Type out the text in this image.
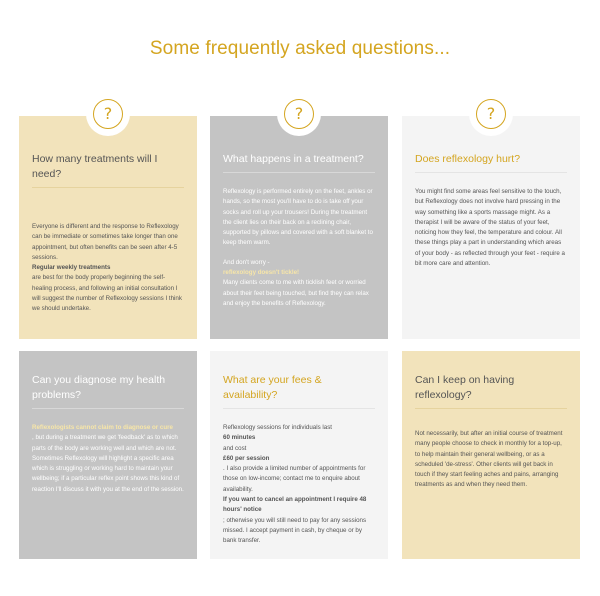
Some frequently asked questions...
How many treatments will I need?

Everyone is different and the response to Reflexology can be immediate or sometimes take longer than one appointment, but often benefits can be seen after 4-5 sessions.

Regular weekly treatments

are best for the body properly beginning the self-healing process, and following an initial consultation I will suggest the number of Reflexology sessions I think we should undertake.

What happens in a treatment?

Reflexology is performed entirely on the feet, ankles or hands, so the most you'll have to do is take off your socks and roll up your trousers! During the treatment the client lies on their back on a reclining chair, supported by pillows and covered with a soft blanket to keep them warm.

And don't worry -

reflexology doesn't tickle!

Many clients come to me with ticklish feet or worried about their feet being touched, but find they can relax and enjoy the benefits of Reflexology.

Does reflexology hurt?

You might find some areas feel sensitive to the touch, but Reflexology does not involve hard pressing in the way something like a sports massage might. As a therapist I will be aware of the status of your feet, noticing how they feel, the temperature and colour. All these things play a part in understanding which areas of your body - as reflected through your feet - require a bit more care and attention.

?	?	?
Can you diagnose my health problems?

Reflexologists cannot claim to diagnose or cure

, but during a treatment we get 'feedback' as to which parts of the body are working well and which are not. Sometimes Reflexology will highlight a specific area which is struggling or working hard to maintain your wellbeing; if a particular reflex point shows this kind of reaction I'll discuss it with you at the end of the session.

What are your fees & availability?

Reflexology sessions for individuals last

60 minutes

and cost

£60 per session

. I also provide a limited number of appointments for those on low-income; contact me to enquire about availability.

If you want to cancel an appointment I require 48 hours' notice

; otherwise you will still need to pay for any sessions missed. I accept payment in cash, by cheque or by bank transfer.

Can I keep on having reflexology?

Not necessarily, but after an initial course of treatment many people choose to check in monthly for a top-up, to help maintain their general wellbeing, or as a scheduled 'de-stress'. Other clients will get back in touch if they start feeling aches and pains, arranging treatments as and when they need them.
